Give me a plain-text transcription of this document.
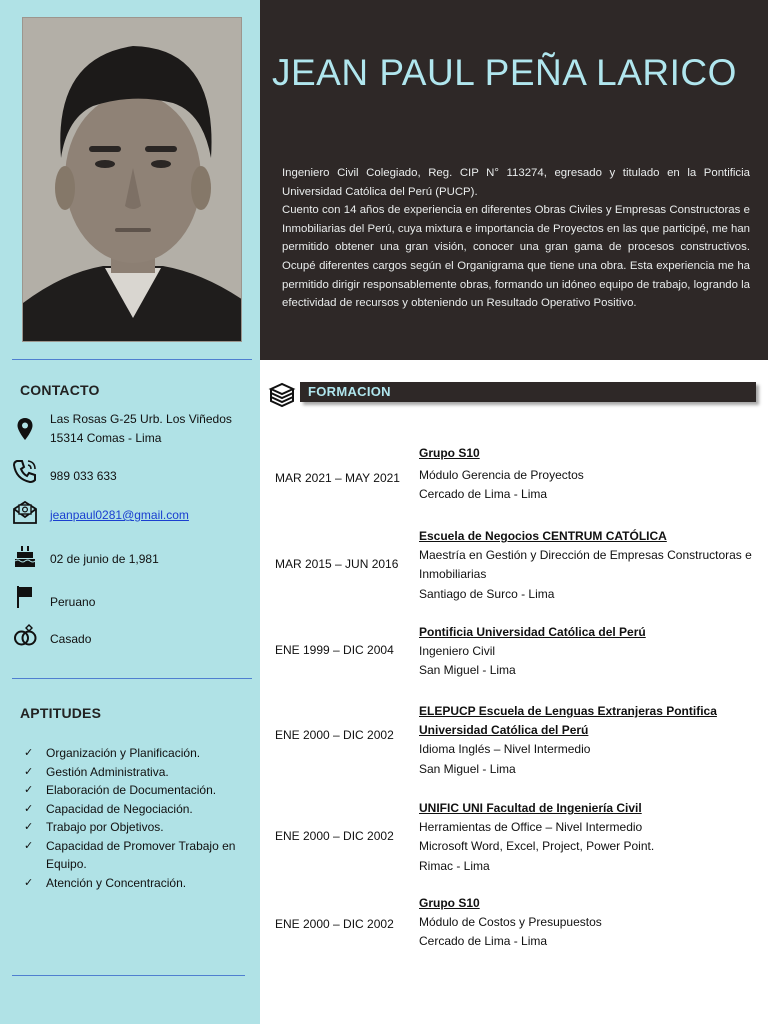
CONTACTO
Las Rosas G-25 Urb. Los Viñedos
15314 Comas - Lima
989 033 633
jeanpaul0281@gmail.com
02 de junio de 1,981
Peruano
Casado
APTITUDES
✓ Organización y Planificación.
✓ Gestión Administrativa.
✓ Elaboración de Documentación.
✓ Capacidad de Negociación.
✓ Trabajo por Objetivos.
✓ Capacidad de Promover Trabajo en Equipo.
✓ Atención y Concentración.
JEAN PAUL PEÑA LARICO
Ingeniero Civil Colegiado, Reg. CIP N° 113274, egresado y titulado en la Pontificia Universidad Católica del Perú (PUCP).
Cuento con 14 años de experiencia en diferentes Obras Civiles y Empresas Constructoras e Inmobiliarias del Perú, cuya mixtura e importancia de Proyectos en las que participé, me han permitido obtener una gran visión, conocer una gran gama de procesos constructivos. Ocupé diferentes cargos según el Organigrama que tiene una obra. Esta experiencia me ha permitido dirigir responsablemente obras, formando un idóneo equipo de trabajo, logrando la efectividad de recursos y obteniendo un Resultado Operativo Positivo.
FORMACION
MAR 2021 – MAY 2021
Grupo S10
Módulo Gerencia de Proyectos
Cercado de Lima - Lima
MAR 2015 – JUN 2016
Escuela de Negocios CENTRUM CATÓLICA
Maestría en Gestión y Dirección de Empresas Constructoras e Inmobiliarias
Santiago de Surco - Lima
ENE 1999 – DIC 2004
Pontificia Universidad Católica del Perú
Ingeniero Civil
San Miguel - Lima
ENE 2000 – DIC 2002
ELEPUCP Escuela de Lenguas Extranjeras Pontifica Universidad Católica del Perú
Idioma Inglés – Nivel Intermedio
San Miguel - Lima
ENE 2000 – DIC 2002
UNIFIC UNI Facultad de Ingeniería Civil
Herramientas de Office – Nivel Intermedio
Microsoft Word, Excel, Project, Power Point.
Rimac - Lima
ENE 2000 – DIC 2002
Grupo S10
Módulo de Costos y Presupuestos
Cercado de Lima - Lima
